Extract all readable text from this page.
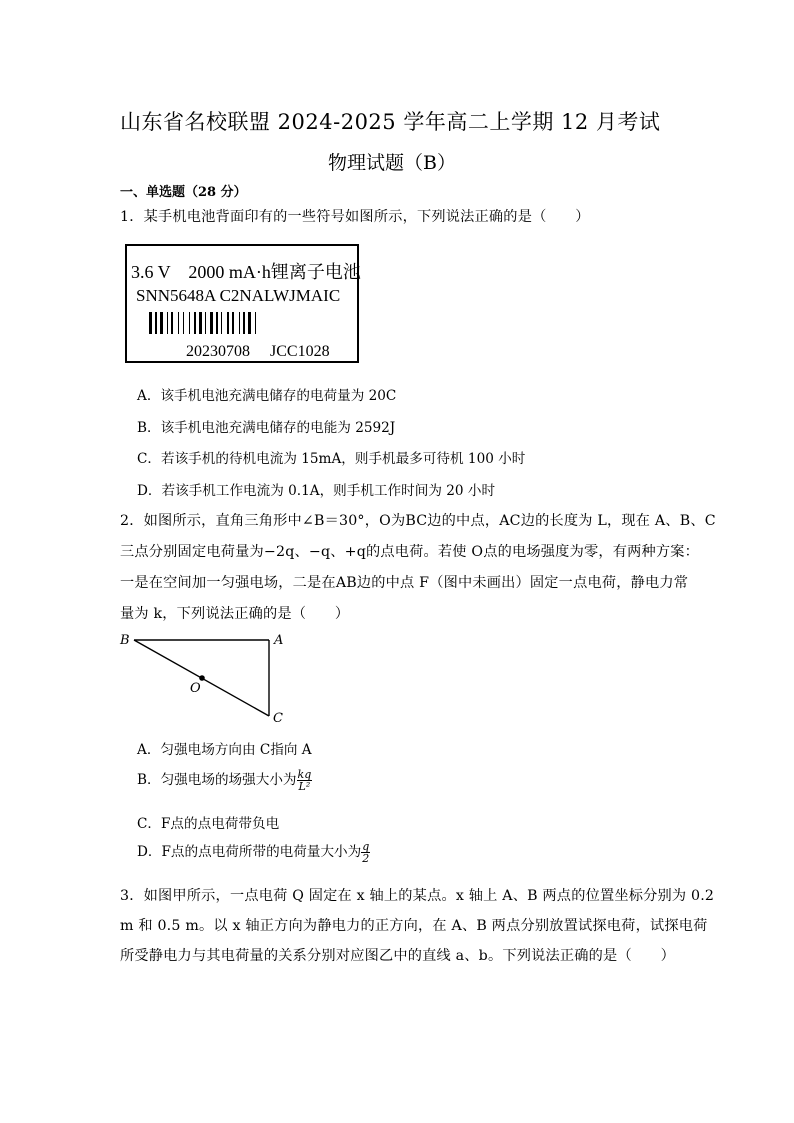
山东省名校联盟 2024-2025 学年高二上学期 12 月考试
物理试题（B）
一、单选题（28 分）
1．某手机电池背面印有的一些符号如图所示，下列说法正确的是（　　）
3.6 V　2000 mA·h锂离子电池
SNN5648A C2NALWJMAIC
20230708　 JCC1028
A．该手机电池充满电储存的电荷量为 20C
B．该手机电池充满电储存的电能为 2592J
C．若该手机的待机电流为 15mA，则手机最多可待机 100 小时
D．若该手机工作电流为 0.1A，则手机工作时间为 20 小时
2．如图所示，直角三角形中∠B＝30°，O为BC边的中点，AC边的长度为 L，现在 A、B、C
三点分别固定电荷量为−2q、−q、+q的点电荷。若使 O点的电场强度为零，有两种方案：
一是在空间加一匀强电场，二是在AB边的中点 F（图中未画出）固定一点电荷，静电力常
量为 k，下列说法正确的是（　　）
B	A
O
C
A．匀强电场方向由 C指向 A
B．匀强电场的场强大小为 $\frac{kq}{\text{L²}}$
C．F点的点电荷带负电
D．F点的点电荷所带的电荷量大小为 $\frac{q}{2}$
3．如图甲所示，一点电荷 Q 固定在 x 轴上的某点。x 轴上 A、B 两点的位置坐标分别为 0.2
m 和 0.5 m。以 x 轴正方向为静电力的正方向，在 A、B 两点分别放置试探电荷，试探电荷
所受静电力与其电荷量的关系分别对应图乙中的直线 a、b。下列说法正确的是（　　）
